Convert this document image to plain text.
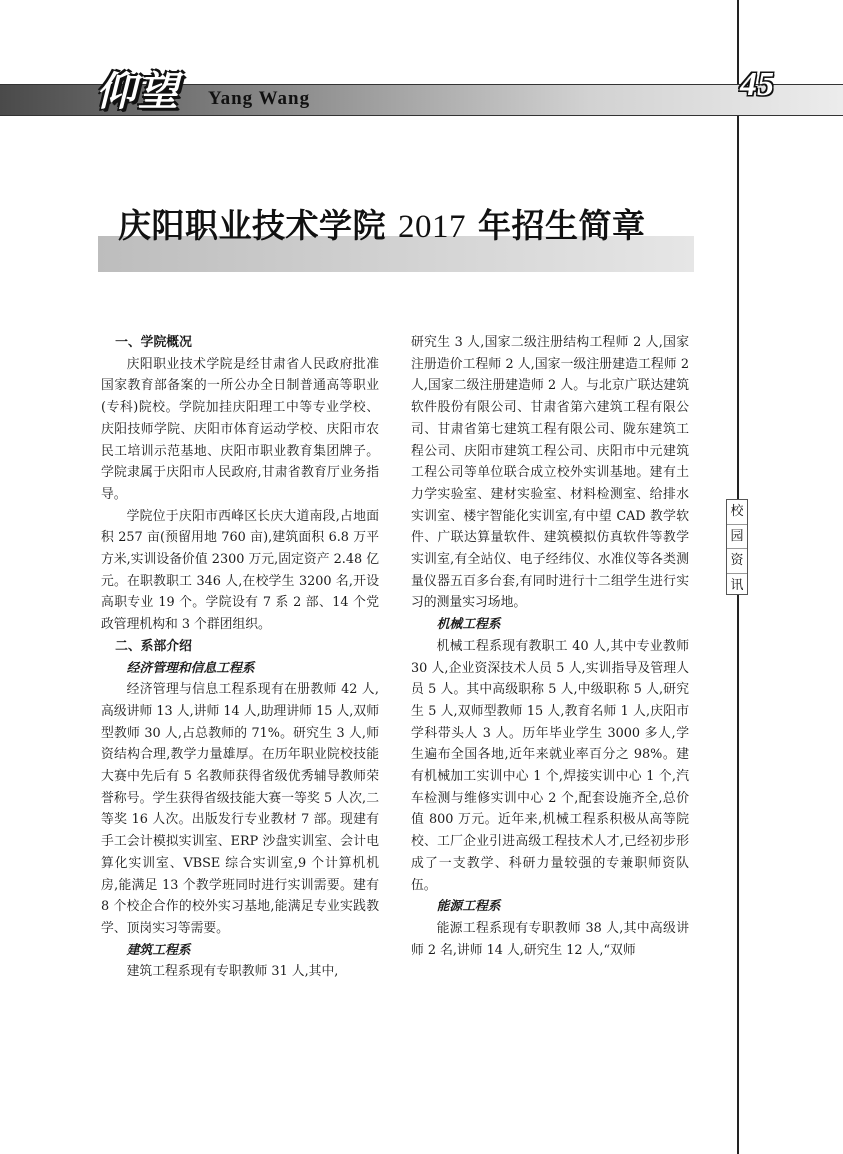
仰望 Yang Wang	45
庆阳职业技术学院 2017 年招生简章
校
园
资
讯
一、学院概况

庆阳职业技术学院是经甘肃省人民政府批准国家教育部备案的一所公办全日制普通高等职业(专科)院校。学院加挂庆阳理工中等专业学校、庆阳技师学院、庆阳市体育运动学校、庆阳市农民工培训示范基地、庆阳市职业教育集团牌子。学院隶属于庆阳市人民政府,甘肃省教育厅业务指导。

学院位于庆阳市西峰区长庆大道南段,占地面积 257 亩(预留用地 760 亩),建筑面积 6.8 万平方米,实训设备价值 2300 万元,固定资产 2.48 亿元。在职教职工 346 人,在校学生 3200 名,开设高职专业 19 个。学院设有 7 系 2 部、14 个党政管理机构和 3 个群团组织。

二、系部介绍
经济管理和信息工程系

经济管理与信息工程系现有在册教师 42 人,高级讲师 13 人,讲师 14 人,助理讲师 15 人,双师型教师 30 人,占总教师的 71%。研究生 3 人,师资结构合理,教学力量雄厚。在历年职业院校技能大赛中先后有 5 名教师获得省级优秀辅导教师荣誉称号。学生获得省级技能大赛一等奖 5 人次,二等奖 16 人次。出版发行专业教材 7 部。现建有手工会计模拟实训室、ERP 沙盘实训室、会计电算化实训室、VBSE 综合实训室,9 个计算机机房,能满足 13 个教学班同时进行实训需要。建有 8 个校企合作的校外实习基地,能满足专业实践教学、顶岗实习等需要。

建筑工程系

建筑工程系现有专职教师 31 人,其中,

研究生 3 人,国家二级注册结构工程师 2 人,国家注册造价工程师 2 人,国家一级注册建造工程师 2 人,国家二级注册建造师 2 人。与北京广联达建筑软件股份有限公司、甘肃省第六建筑工程有限公司、甘肃省第七建筑工程有限公司、陇东建筑工程公司、庆阳市建筑工程公司、庆阳市中元建筑工程公司等单位联合成立校外实训基地。建有土力学实验室、建材实验室、材料检测室、给排水实训室、楼宇智能化实训室,有中望 CAD 教学软件、广联达算量软件、建筑模拟仿真软件等教学实训室,有全站仪、电子经纬仪、水准仪等各类测量仪器五百多台套,有同时进行十二组学生进行实习的测量实习场地。

机械工程系

机械工程系现有教职工 40 人,其中专业教师 30 人,企业资深技术人员 5 人,实训指导及管理人员 5 人。其中高级职称 5 人,中级职称 5 人,研究生 5 人,双师型教师 15 人,教育名师 1 人,庆阳市学科带头人 3 人。历年毕业学生 3000 多人,学生遍布全国各地,近年来就业率百分之 98%。建有机械加工实训中心 1 个,焊接实训中心 1 个,汽车检测与维修实训中心 2 个,配套设施齐全,总价值 800 万元。近年来,机械工程系积极从高等院校、工厂企业引进高级工程技术人才,已经初步形成了一支教学、科研力量较强的专兼职师资队伍。

能源工程系

能源工程系现有专职教师 38 人,其中高级讲师 2 名,讲师 14 人,研究生 12 人,“双师
